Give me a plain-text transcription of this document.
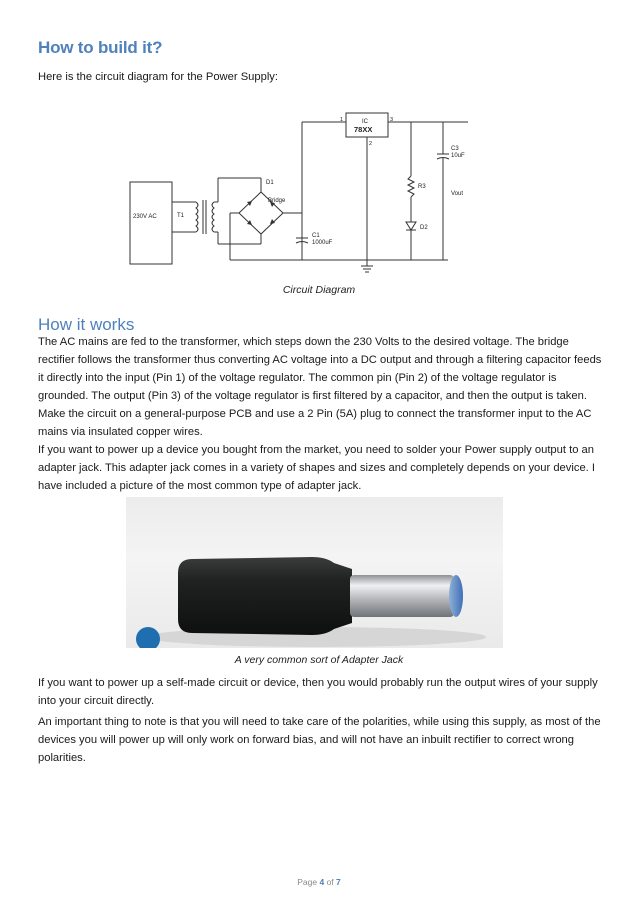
How to build it?

Here is the circuit diagram for the Power Supply:

IC
78XX
1
2
3
D1
Bridge
230V AC	T1
C1
1000uF
C3
10uF
R3
D2
Vout
Circuit Diagram
How it works

The AC mains are fed to the transformer, which steps down the 230 Volts to the desired voltage. The bridge rectifier follows the transformer thus converting AC voltage into a DC output and through a filtering capacitor feeds it directly into the input (Pin 1) of the voltage regulator. The common pin (Pin 2) of the voltage regulator is grounded. The output (Pin 3) of the voltage regulator is first filtered by a capacitor, and then the output is taken.

Make the circuit on a general-purpose PCB and use a 2 Pin (5A) plug to connect the transformer input to the AC mains via insulated copper wires.

If you want to power up a device you bought from the market, you need to solder your Power supply output to an adapter jack. This adapter jack comes in a variety of shapes and sizes and completely depends on your device. I have included a picture of the most common type of adapter jack.

A very common sort of Adapter Jack

If you want to power up a self-made circuit or device, then you would probably run the output wires of your supply into your circuit directly.

An important thing to note is that you will need to take care of the polarities, while using this supply, as most of the devices you will power up will only work on forward bias, and will not have an inbuilt rectifier to correct wrong polarities.

Page 4 of 7
